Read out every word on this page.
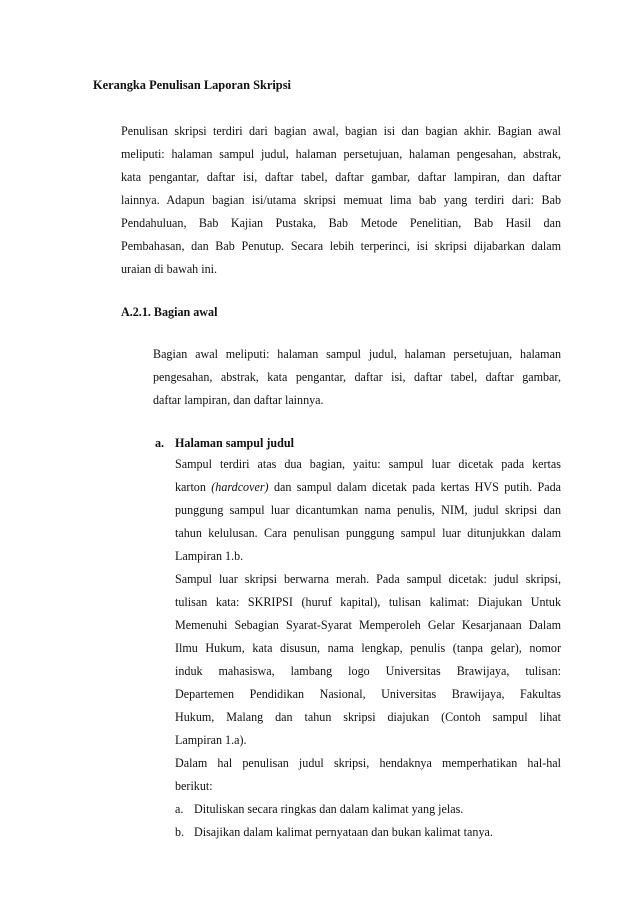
Kerangka Penulisan Laporan Skripsi
Penulisan skripsi terdiri dari bagian awal, bagian isi dan bagian akhir. Bagian awal
meliputi: halaman sampul judul, halaman persetujuan, halaman pengesahan, abstrak,
kata pengantar, daftar isi, daftar tabel, daftar gambar, daftar lampiran, dan daftar
lainnya. Adapun bagian isi/utama skripsi memuat lima bab yang terdiri dari: Bab
Pendahuluan, Bab Kajian Pustaka, Bab Metode Penelitian, Bab Hasil dan
Pembahasan, dan Bab Penutup. Secara lebih terperinci, isi skripsi dijabarkan dalam
uraian di bawah ini.
A.2.1. Bagian awal
Bagian awal meliputi: halaman sampul judul, halaman persetujuan, halaman
pengesahan, abstrak, kata pengantar, daftar isi, daftar tabel, daftar gambar,
daftar lampiran, dan daftar lainnya.
a. Halaman sampul judul
Sampul terdiri atas dua bagian, yaitu: sampul luar dicetak pada kertas
karton (hardcover) dan sampul dalam dicetak pada kertas HVS putih. Pada
punggung sampul luar dicantumkan nama penulis, NIM, judul skripsi dan
tahun kelulusan. Cara penulisan punggung sampul luar ditunjukkan dalam
Lampiran 1.b.
Sampul luar skripsi berwarna merah. Pada sampul dicetak: judul skripsi,
tulisan kata: SKRIPSI (huruf kapital), tulisan kalimat: Diajukan Untuk
Memenuhi Sebagian Syarat-Syarat Memperoleh Gelar Kesarjanaan Dalam
Ilmu Hukum, kata disusun, nama lengkap, penulis (tanpa gelar), nomor
induk mahasiswa, lambang logo Universitas Brawijaya, tulisan:
Departemen Pendidikan Nasional, Universitas Brawijaya, Fakultas
Hukum, Malang dan tahun skripsi diajukan (Contoh sampul lihat
Lampiran 1.a).
Dalam hal penulisan judul skripsi, hendaknya memperhatikan hal-hal
berikut:
a. Dituliskan secara ringkas dan dalam kalimat yang jelas.
b. Disajikan dalam kalimat pernyataan dan bukan kalimat tanya.
